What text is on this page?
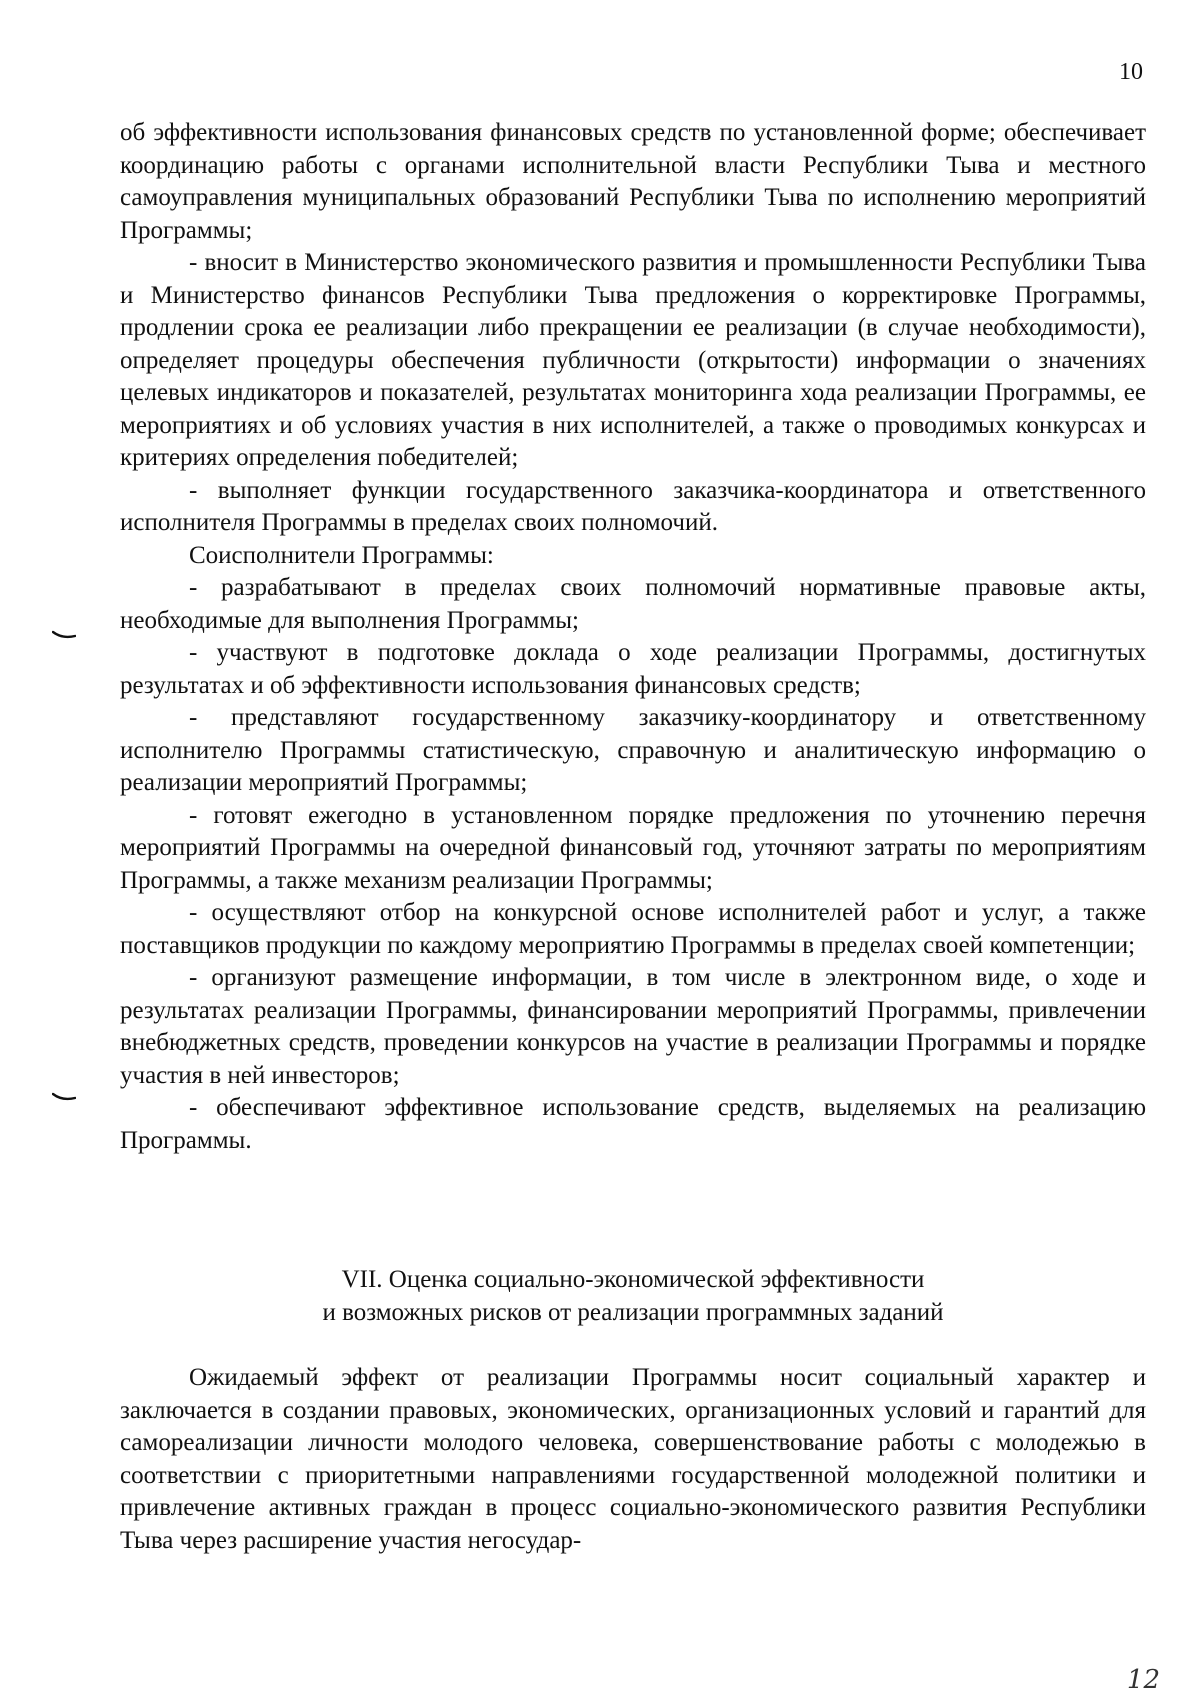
10

об эффективности использования финансовых средств по установленной форме; обеспечивает координацию работы с органами исполнительной власти Республики Тыва и местного самоуправления муниципальных образований Республики Тыва по исполнению мероприятий Программы;

- вносит в Министерство экономического развития и промышленности Республики Тыва и Министерство финансов Республики Тыва предложения о корректировке Программы, продлении срока ее реализации либо прекращении ее реализации (в случае необходимости), определяет процедуры обеспечения публичности (открытости) информации о значениях целевых индикаторов и показателей, результатах мониторинга хода реализации Программы, ее мероприятиях и об условиях участия в них исполнителей, а также о проводимых конкурсах и критериях определения победителей;

- выполняет функции государственного заказчика-координатора и ответственного исполнителя Программы в пределах своих полномочий.

Соисполнители Программы:

- разрабатывают в пределах своих полномочий нормативные правовые акты, необходимые для выполнения Программы;

- участвуют в подготовке доклада о ходе реализации Программы, достигнутых результатах и об эффективности использования финансовых средств;

- представляют государственному заказчику-координатору и ответственному исполнителю Программы статистическую, справочную и аналитическую информацию о реализации мероприятий Программы;

- готовят ежегодно в установленном порядке предложения по уточнению перечня мероприятий Программы на очередной финансовый год, уточняют затраты по мероприятиям Программы, а также механизм реализации Программы;

- осуществляют отбор на конкурсной основе исполнителей работ и услуг, а также поставщиков продукции по каждому мероприятию Программы в пределах своей компетенции;

- организуют размещение информации, в том числе в электронном виде, о ходе и результатах реализации Программы, финансировании мероприятий Программы, привлечении внебюджетных средств, проведении конкурсов на участие в реализации Программы и порядке участия в ней инвесторов;

- обеспечивают эффективное использование средств, выделяемых на реализацию Программы.

VII. Оценка социально-экономической эффективности
и возможных рисков от реализации программных заданий

Ожидаемый эффект от реализации Программы носит социальный характер и заключается в создании правовых, экономических, организационных условий и гарантий для самореализации личности молодого человека, совершенствование работы с молодежью в соответствии с приоритетными направлениями государственной молодежной политики и привлечение активных граждан в процесс социально-экономического развития Республики Тыва через расширение участия негосудар-

12
